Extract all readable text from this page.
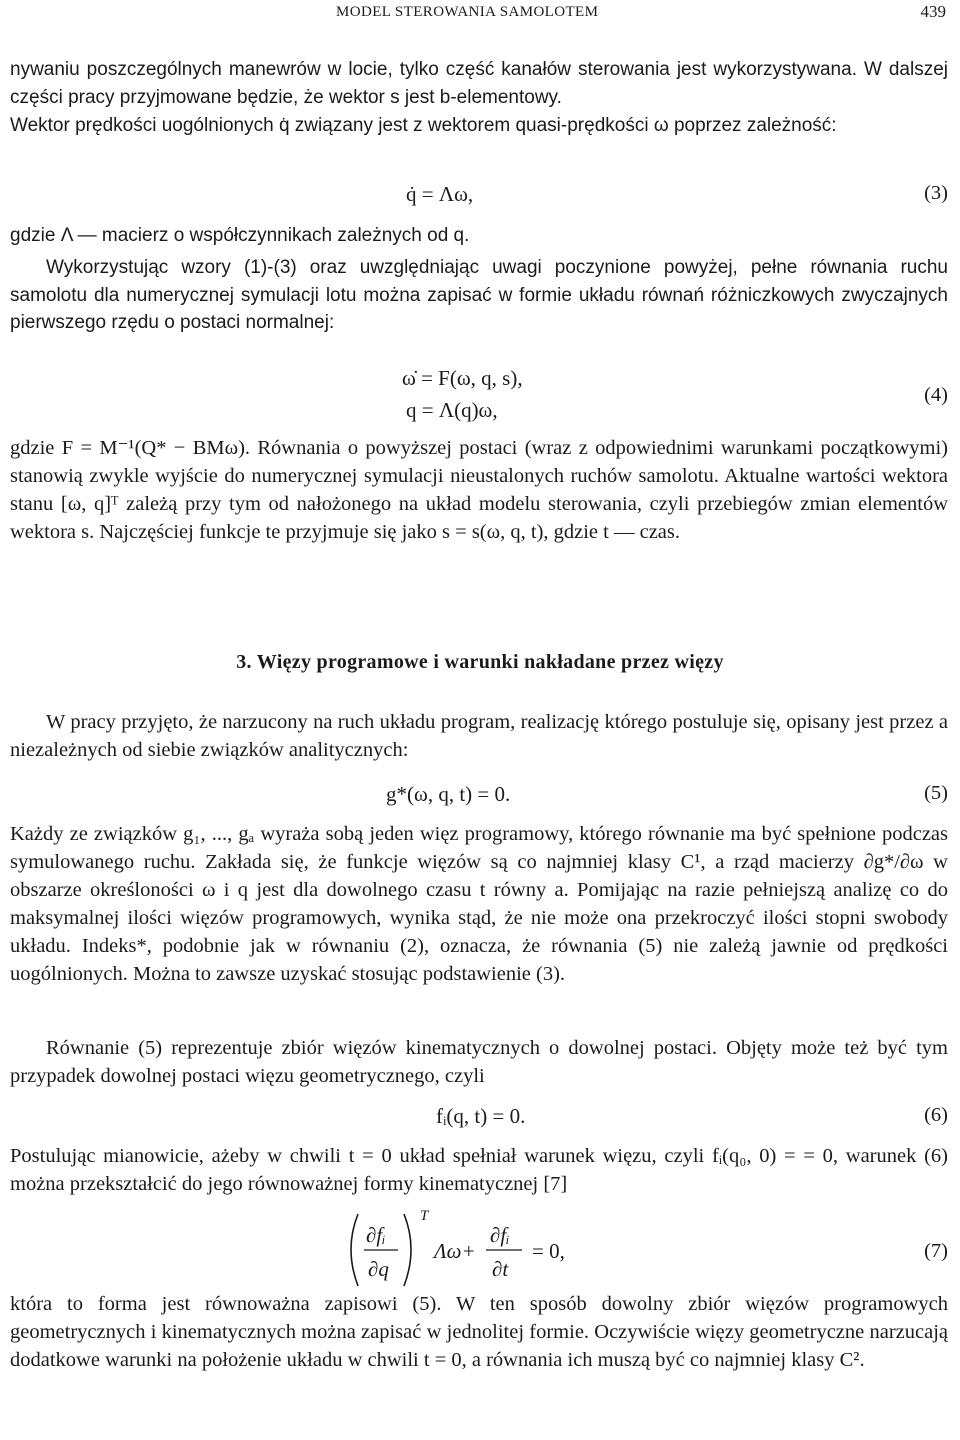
MODEL STEROWANIA SAMOLOTEM	439

nywaniu poszczególnych manewrów w locie, tylko część kanałów sterowania jest wykorzystywana. W dalszej części pracy przyjmowane będzie, że wektor s jest b-elementowy.

Wektor prędkości uogólnionych q̇ związany jest z wektorem quasi-prędkości ω poprzez zależność:

q̇ = Λω,	(3)

gdzie Λ — macierz o współczynnikach zależnych od q.

Wykorzystując wzory (1)-(3) oraz uwzględniając uwagi poczynione powyżej, pełne równania ruchu samolotu dla numerycznej symulacji lotu można zapisać w formie układu równań różniczkowych zwyczajnych pierwszego rzędu o postaci normalnej:

ω̇ = F(ω, q, s),
q = Λ(q)ω,
(4)

gdzie F = M⁻¹(Q* − BMω). Równania o powyższej postaci (wraz z odpowiednimi warunkami początkowymi) stanowią zwykle wyjście do numerycznej symulacji nieustalonych ruchów samolotu. Aktualne wartości wektora stanu [ω, q]ᵀ zależą przy tym od nałożonego na układ modelu sterowania, czyli przebiegów zmian elementów wektora s. Najczęściej funkcje te przyjmuje się jako s = s(ω, q, t), gdzie t — czas.

3. Więzy programowe i warunki nakładane przez więzy

W pracy przyjęto, że narzucony na ruch układu program, realizację którego postuluje się, opisany jest przez a niezależnych od siebie związków analitycznych:

g*(ω, q, t) = 0.	(5)

Każdy ze związków g₁, ..., gₐ wyraża sobą jeden więz programowy, którego równanie ma być spełnione podczas symulowanego ruchu. Zakłada się, że funkcje więzów są co najmniej klasy C¹, a rząd macierzy ∂g*/∂ω w obszarze określoności ω i q jest dla dowolnego czasu t równy a. Pomijając na razie pełniejszą analizę co do maksymalnej ilości więzów programowych, wynika stąd, że nie może ona przekroczyć ilości stopni swobody układu. Indeks*, podobnie jak w równaniu (2), oznacza, że równania (5) nie zależą jawnie od prędkości uogólnionych. Można to zawsze uzyskać stosując podstawienie (3).

Równanie (5) reprezentuje zbiór więzów kinematycznych o dowolnej postaci. Objęty może też być tym przypadek dowolnej postaci więzu geometrycznego, czyli

fᵢ(q, t) = 0.	(6)

Postulując mianowicie, ażeby w chwili t = 0 układ spełniał warunek więzu, czyli fᵢ(q₀, 0) = = 0, warunek (6) można przekształcić do jego równoważnej formy kinematycznej [7]

∂fᵢ
∂q
T
Λω+
∂fᵢ
∂t
= 0,	(7)

która to forma jest równoważna zapisowi (5). W ten sposób dowolny zbiór więzów programowych geometrycznych i kinematycznych można zapisać w jednolitej formie. Oczywiście więzy geometryczne narzucają dodatkowe warunki na położenie układu w chwili t = 0, a równania ich muszą być co najmniej klasy C².
